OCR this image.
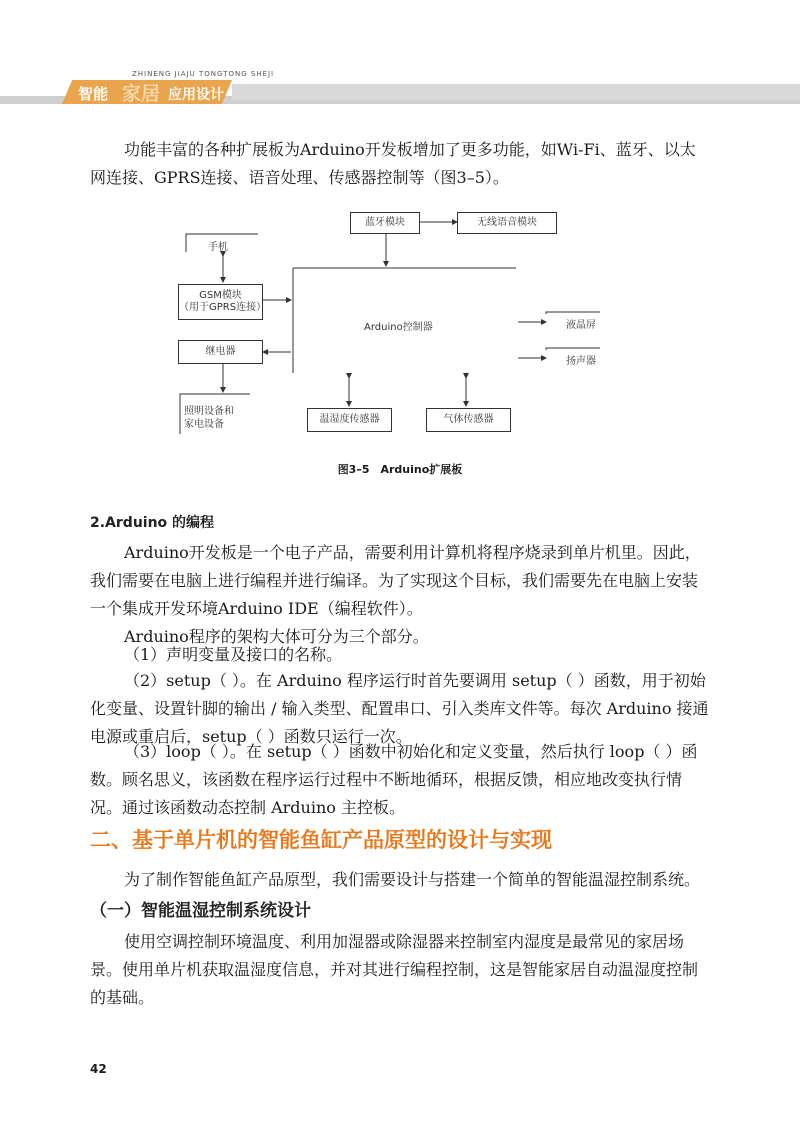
ZHINENG JIAJU TONGTONG SHEJI
智能 家居 应用设计

功能丰富的各种扩展板为Arduino开发板增加了更多功能，如Wi-Fi、蓝牙、以太网连接、GPRS连接、语音处理、传感器控制等（图3–5）。

蓝牙模块	无线语音模块
手机
GSM模块
（用于GPRS连接）
Arduino控制器	液晶屏
继电器
扬声器
照明设备和
家电设备	温湿度传感器	气体传感器
图3–5　Arduino扩展板
2.Arduino 的编程

Arduino开发板是一个电子产品，需要利用计算机将程序烧录到单片机里。因此，我们需要在电脑上进行编程并进行编译。为了实现这个目标，我们需要先在电脑上安装一个集成开发环境Arduino IDE（编程软件）。

Arduino程序的架构大体可分为三个部分。

（1）声明变量及接口的名称。

（2）setup（ ）。在 Arduino 程序运行时首先要调用 setup（ ）函数，用于初始化变量、设置针脚的输出 / 输入类型、配置串口、引入类库文件等。每次 Arduino 接通电源或重启后，setup（ ）函数只运行一次。

（3）loop（ ）。在 setup（ ）函数中初始化和定义变量，然后执行 loop（ ）函数。顾名思义，该函数在程序运行过程中不断地循环，根据反馈，相应地改变执行情况。通过该函数动态控制 Arduino 主控板。

二、基于单片机的智能鱼缸产品原型的设计与实现

为了制作智能鱼缸产品原型，我们需要设计与搭建一个简单的智能温湿控制系统。

（一）智能温湿控制系统设计

使用空调控制环境温度、利用加湿器或除湿器来控制室内湿度是最常见的家居场景。使用单片机获取温湿度信息，并对其进行编程控制，这是智能家居自动温湿度控制的基础。

42
